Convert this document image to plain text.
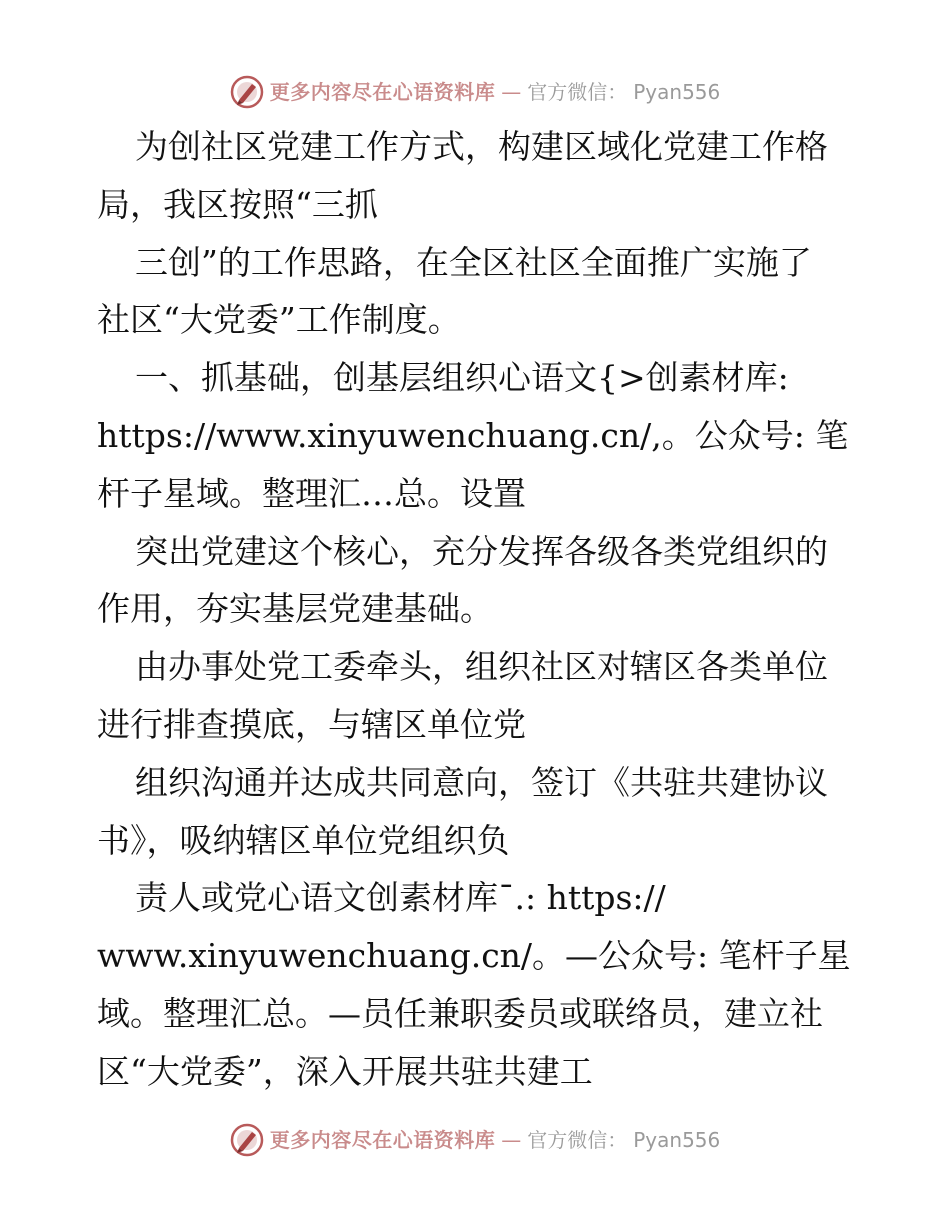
更多内容尽在心语资料库 — 官方微信： Pyan556
为创社区党建工作方式，构建区域化党建工作格
局，我区按照“三抓
三创”的工作思路，在全区社区全面推广实施了
社区“大党委”工作制度。
一、抓基础，创基层组织心语文{>创素材库:
https://www.xinyuwenchuang.cn/,。公众号: 笔
杆子星域。整理汇…总。设置
突出党建这个核心，充分发挥各级各类党组织的
作用，夯实基层党建基础。
由办事处党工委牵头，组织社区对辖区各类单位
进行排查摸底，与辖区单位党
组织沟通并达成共同意向，签订《共驻共建协议
书》，吸纳辖区单位党组织负
责人或党心语文创素材库¯.: https://
www.xinyuwenchuang.cn/。—公众号: 笔杆子星
域。整理汇总。—员任兼职委员或联络员，建立社
区“大党委”，深入开展共驻共建工
更多内容尽在心语资料库 — 官方微信： Pyan556
